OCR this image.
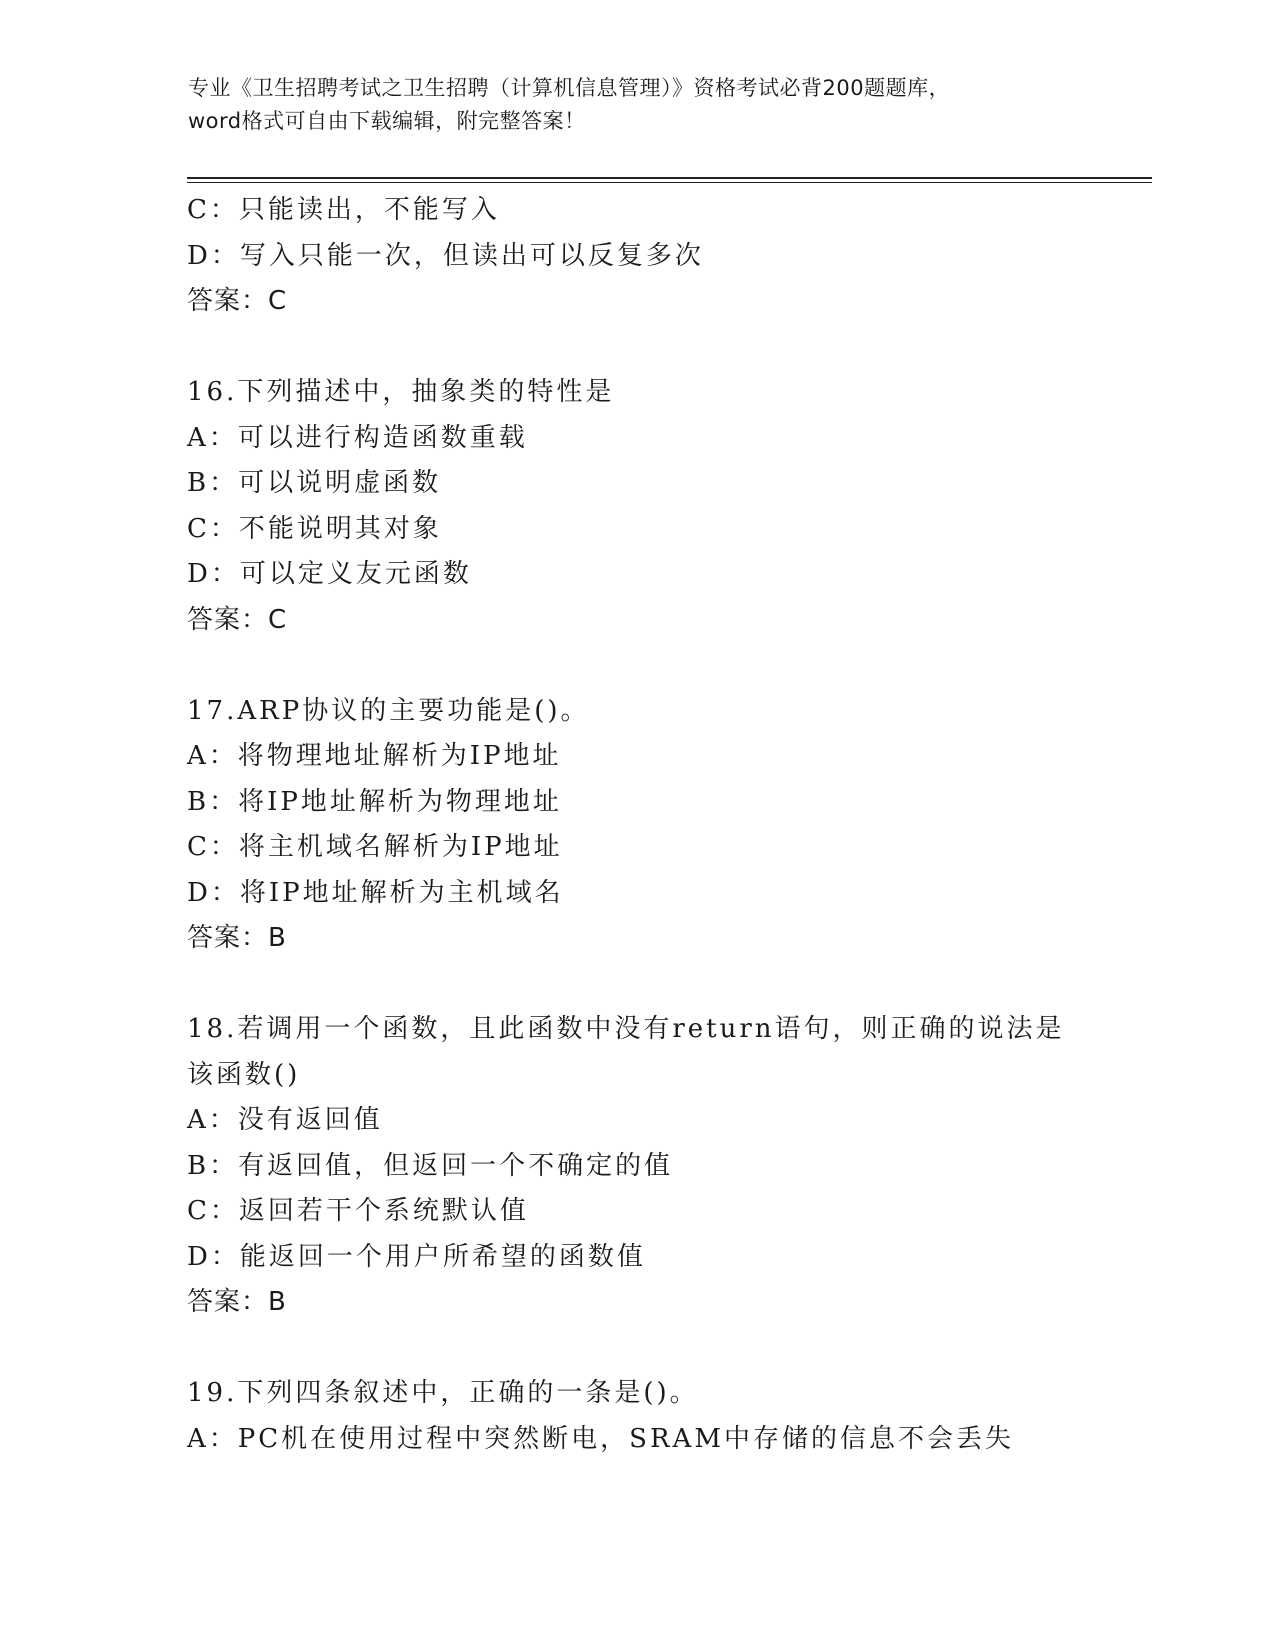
专业《卫生招聘考试之卫生招聘（计算机信息管理）》资格考试必背200题题库，
word格式可自由下载编辑，附完整答案！
C：只能读出，不能写入
D：写入只能一次，但读出可以反复多次
答案：C
16.下列描述中，抽象类的特性是
A：可以进行构造函数重载
B：可以说明虚函数
C：不能说明其对象
D：可以定义友元函数
答案：C
17.ARP协议的主要功能是()。
A：将物理地址解析为IP地址
B：将IP地址解析为物理地址
C：将主机域名解析为IP地址
D：将IP地址解析为主机域名
答案：B
18.若调用一个函数，且此函数中没有return语句，则正确的说法是
该函数()
A：没有返回值
B：有返回值，但返回一个不确定的值
C：返回若干个系统默认值
D：能返回一个用户所希望的函数值
答案：B
19.下列四条叙述中，正确的一条是()。
A：PC机在使用过程中突然断电，SRAM中存储的信息不会丢失
